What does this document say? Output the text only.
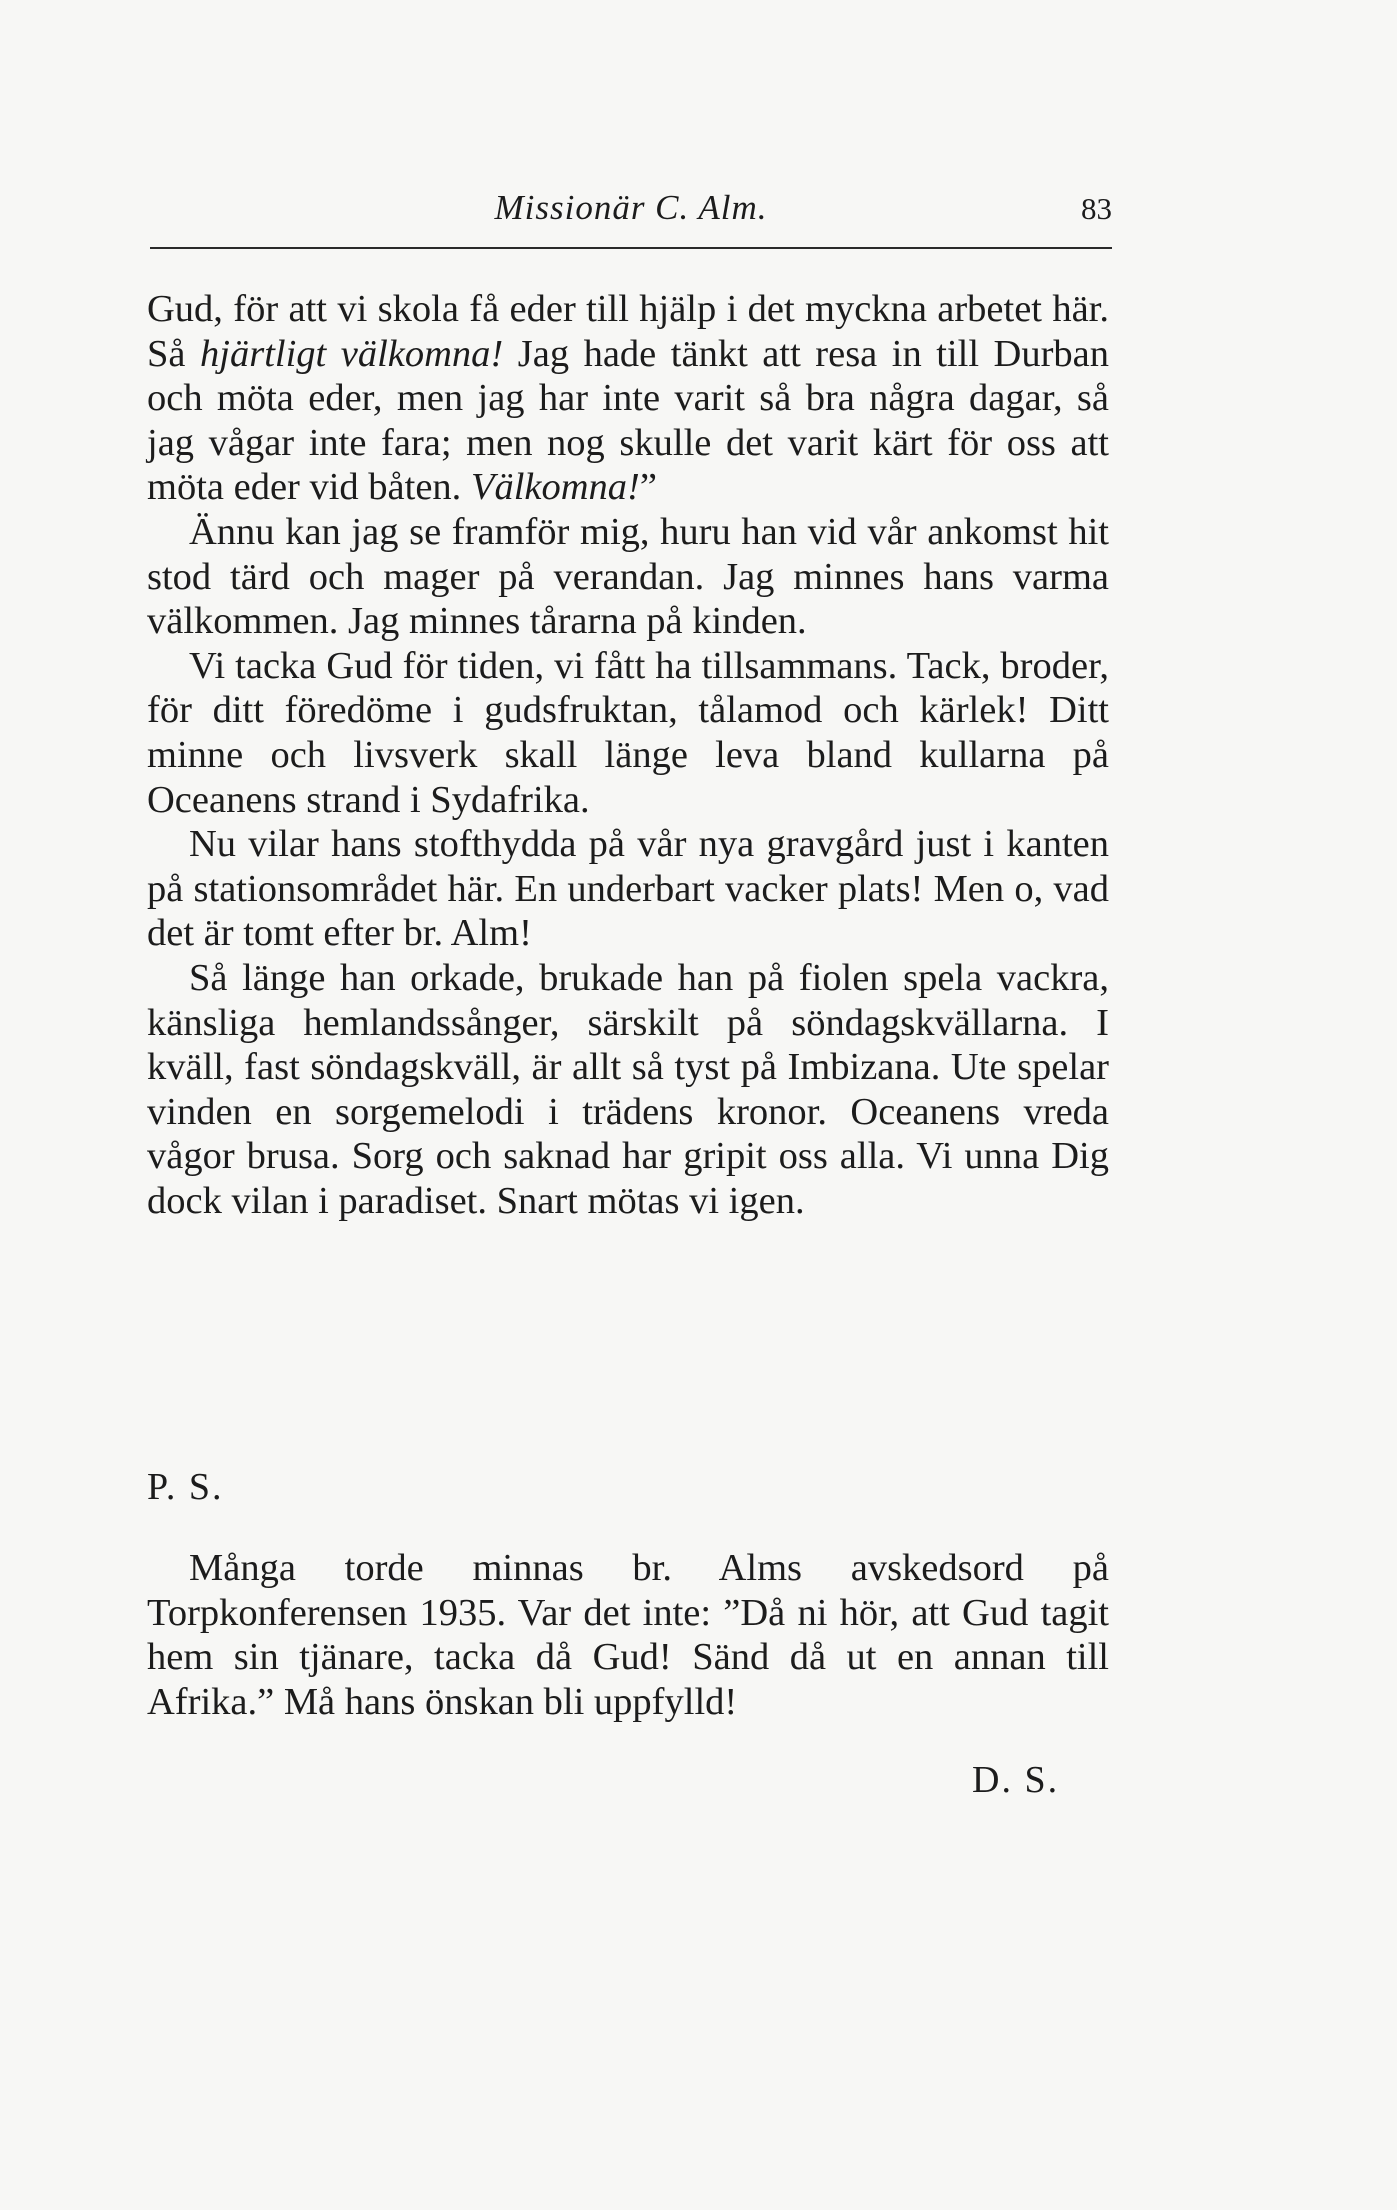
Missionär C. Alm.	83

Gud, för att vi skola få eder till hjälp i det myckna arbetet här. Så hjärtligt välkomna! Jag hade tänkt att resa in till Durban och möta eder, men jag har inte varit så bra några dagar, så jag vågar inte fara; men nog skulle det varit kärt för oss att möta eder vid båten. Välkomna!”

Ännu kan jag se framför mig, huru han vid vår ankomst hit stod tärd och mager på verandan. Jag minnes hans varma välkommen. Jag minnes tårarna på kinden.

Vi tacka Gud för tiden, vi fått ha tillsammans. Tack, broder, för ditt föredöme i gudsfruktan, tålamod och kärlek! Ditt minne och livsverk skall länge leva bland kullarna på Oceanens strand i Sydafrika.

Nu vilar hans stofthydda på vår nya gravgård just i kanten på stationsområdet här. En underbart vacker plats! Men o, vad det är tomt efter br. Alm!

Så länge han orkade, brukade han på fiolen spela vackra, känsliga hemlandssånger, särskilt på söndagskvällarna. I kväll, fast söndagskväll, är allt så tyst på Imbizana. Ute spelar vinden en sorgemelodi i trädens kronor. Oceanens vreda vågor brusa. Sorg och saknad har gripit oss alla. Vi unna Dig dock vilan i paradiset. Snart mötas vi igen.

P. S.

Många torde minnas br. Alms avskedsord på Torpkonferensen 1935. Var det inte: ”Då ni hör, att Gud tagit hem sin tjänare, tacka då Gud! Sänd då ut en annan till Afrika.” Må hans önskan bli uppfylld!

D. S.
